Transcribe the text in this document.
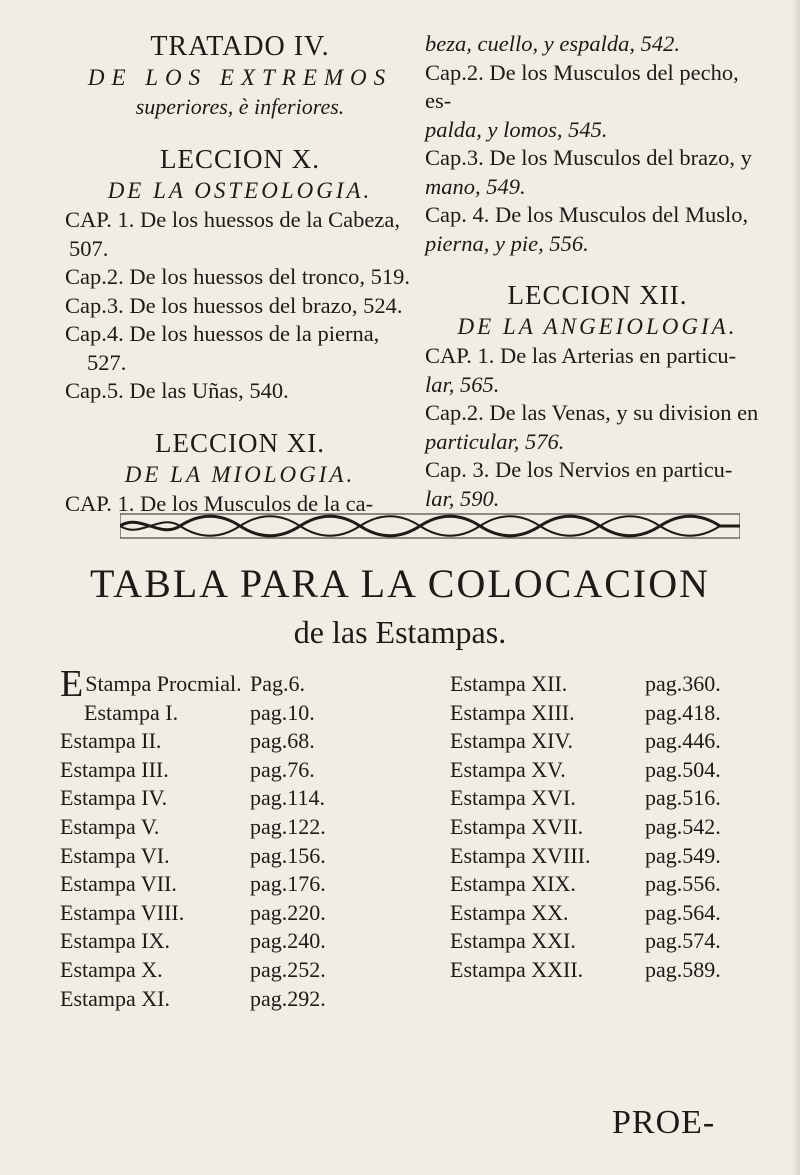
TRATADO IV.

DE LOS EXTREMOS

superiores, è inferiores.

LECCION X.
DE LA OSTEOLOGIA.

CAP. 1. De los huessos de la Cabeza,

507.

Cap.2. De los huessos del tronco, 519.

Cap.3. De los huessos del brazo, 524.

Cap.4. De los huessos de la pierna,

527.

Cap.5. De las Uñas, 540.

LECCION XI.
DE LA MIOLOGIA.

CAP. 1. De los Musculos de la ca-

beza, cuello, y espalda, 542.

Cap.2. De los Musculos del pecho, es-

palda, y lomos, 545.

Cap.3. De los Musculos del brazo, y

mano, 549.

Cap. 4. De los Musculos del Muslo,

pierna, y pie, 556.

LECCION XII.
DE LA ANGEIOLOGIA.

CAP. 1. De las Arterias en particu-

lar, 565.

Cap.2. De las Venas, y su division en

particular, 576.

Cap. 3. De los Nervios en particu-

lar, 590.

TABLA PARA LA COLOCACION
de las Estampas.
EStampa Procmial. Pag.6.
Estampa I.	pag.10.
Estampa II.	pag.68.
Estampa III.	pag.76.
Estampa IV.	pag.114.
Estampa V.	pag.122.
Estampa VI.	pag.156.
Estampa VII.	pag.176.
Estampa VIII.	pag.220.
Estampa IX.	pag.240.
Estampa X.	pag.252.
Estampa XI.	pag.292.
Estampa XII.	pag.360.
Estampa XIII.	pag.418.
Estampa XIV.	pag.446.
Estampa XV.	pag.504.
Estampa XVI.	pag.516.
Estampa XVII.	pag.542.
Estampa XVIII. pag.549.
Estampa XIX.	pag.556.
Estampa XX.	pag.564.
Estampa XXI.	pag.574.
Estampa XXII.	pag.589.
PROE-
